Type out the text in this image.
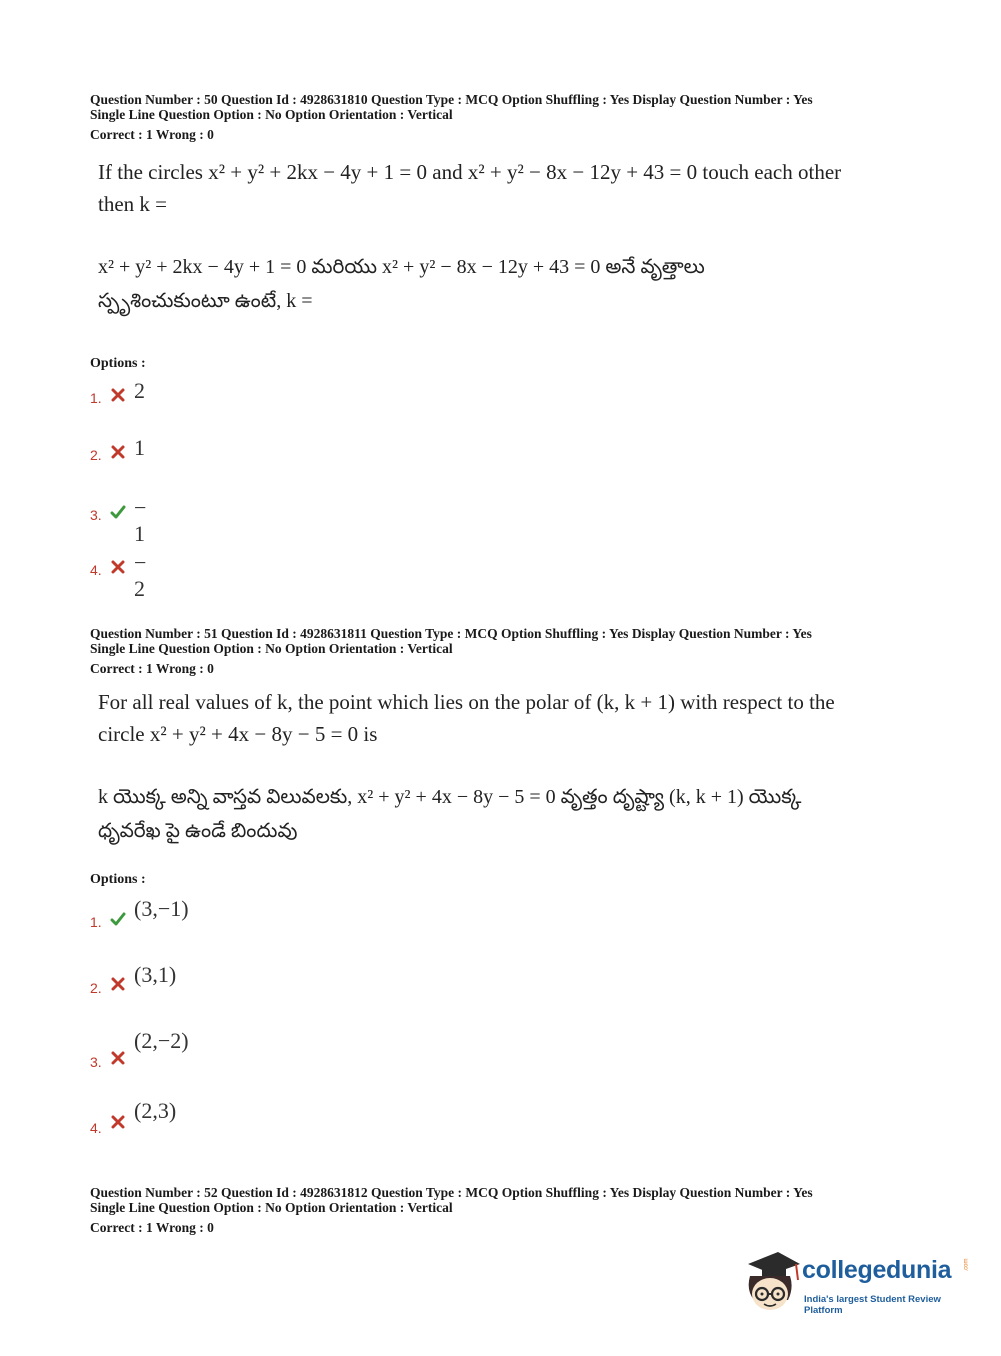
Question Number : 50 Question Id : 4928631810 Question Type : MCQ Option Shuffling : Yes Display Question Number : Yes
Single Line Question Option : No Option Orientation : Vertical
Correct : 1 Wrong : 0
If the circles x² + y² + 2kx − 4y + 1 = 0 and x² + y² − 8x − 12y + 43 = 0 touch each other
then k =
x² + y² + 2kx − 4y + 1 = 0 మరియు x² + y² − 8x − 12y + 43 = 0 అనే వృత్తాలు
స్పృశించుకుంటూ ఉంటే, k =
Options :
1. 2
2. 1
3. − 1
4. − 2
Question Number : 51 Question Id : 4928631811 Question Type : MCQ Option Shuffling : Yes Display Question Number : Yes
Single Line Question Option : No Option Orientation : Vertical
Correct : 1 Wrong : 0
For all real values of k, the point which lies on the polar of (k, k + 1) with respect to the
circle x² + y² + 4x − 8y − 5 = 0 is
k యొక్క అన్ని వాస్తవ విలువలకు, x² + y² + 4x − 8y − 5 = 0 వృత్తం దృష్ట్యా (k, k + 1) యొక్క
ధృవరేఖ పై ఉండే బిందువు
Options :
1.
(3,−1)
2.
(3,1)
3.
(2,−2)
4.
(2,3)
Question Number : 52 Question Id : 4928631812 Question Type : MCQ Option Shuffling : Yes Display Question Number : Yes
Single Line Question Option : No Option Orientation : Vertical
Correct : 1 Wrong : 0
collegedunia .com
India's largest Student Review Platform
